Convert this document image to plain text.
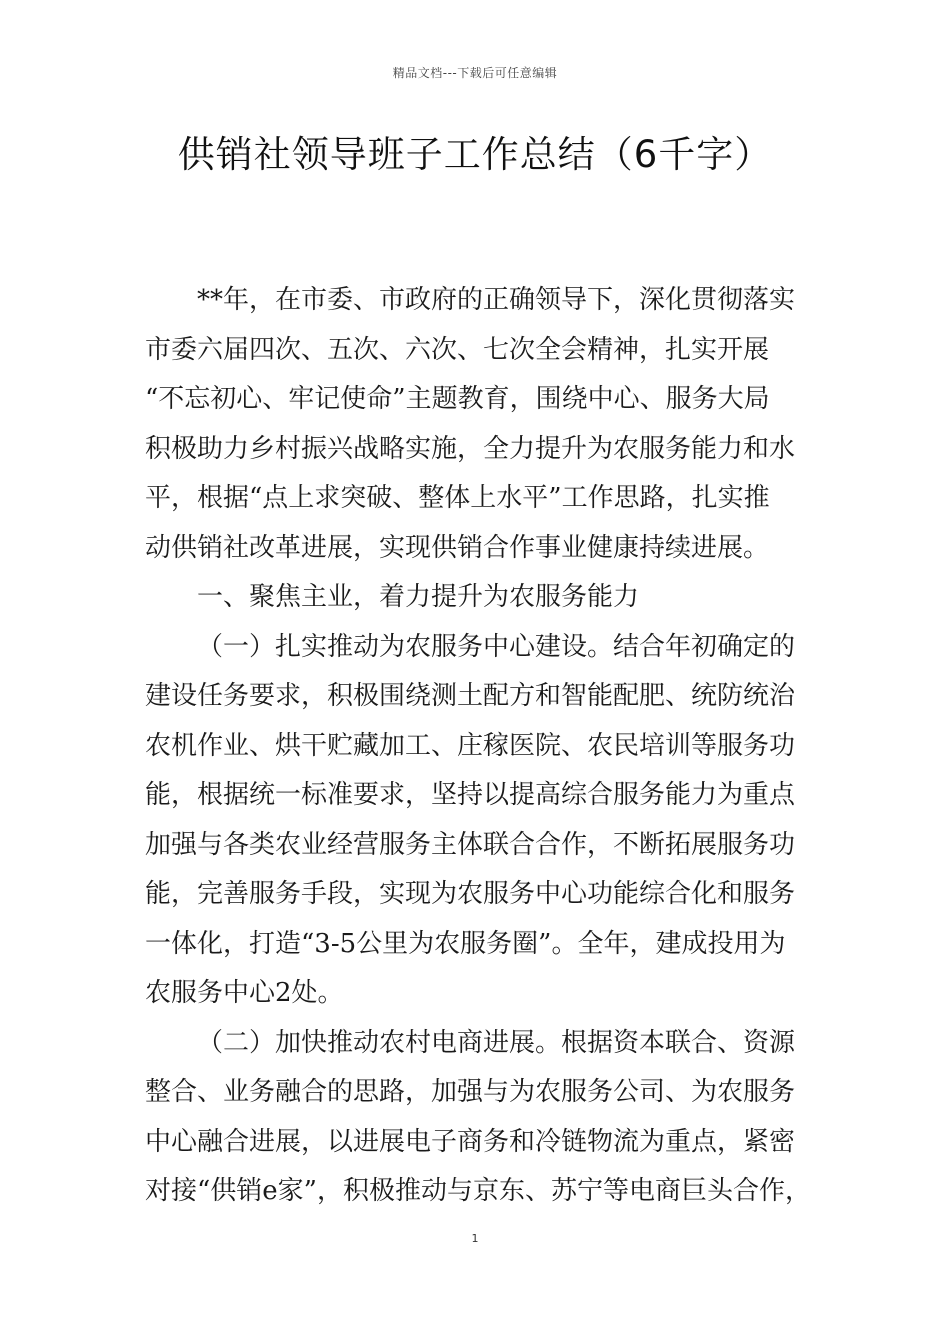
精品文档---下载后可任意编辑
供销社领导班子工作总结（6千字）

**年，在市委、市政府的正确领导下，深化贯彻落实
市委六届四次、五次、六次、七次全会精神，扎实开展
“不忘初心、牢记使命”主题教育，围绕中心、服务大局
积极助力乡村振兴战略实施，全力提升为农服务能力和水
平，根据“点上求突破、整体上水平”工作思路，扎实推
动供销社改革进展，实现供销合作事业健康持续进展。

一、聚焦主业，着力提升为农服务能力

（一）扎实推动为农服务中心建设。结合年初确定的
建设任务要求，积极围绕测土配方和智能配肥、统防统治
农机作业、烘干贮藏加工、庄稼医院、农民培训等服务功
能，根据统一标准要求，坚持以提高综合服务能力为重点
加强与各类农业经营服务主体联合合作，不断拓展服务功
能，完善服务手段，实现为农服务中心功能综合化和服务
一体化，打造“3-5公里为农服务圈”。全年，建成投用为
农服务中心2处。

（二）加快推动农村电商进展。根据资本联合、资源
整合、业务融合的思路，加强与为农服务公司、为农服务
中心融合进展，以进展电子商务和冷链物流为重点，紧密
对接“供销e家”，积极推动与京东、苏宁等电商巨头合作，

1
